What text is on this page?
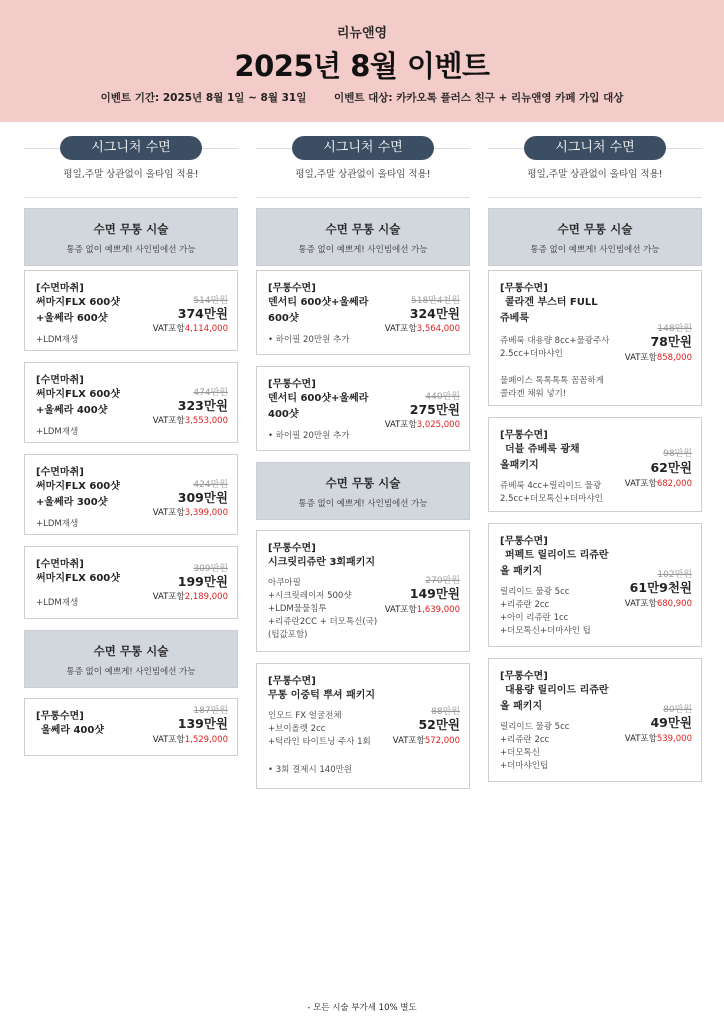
리뉴앤영
2025년 8월 이벤트
이벤트 기간: 2025년 8월 1일 ~ 8월 31일	이벤트 대상: 카카오톡 플러스 친구 + 리뉴앤영 카페 가입 대상
시그니처 수면
평일,주말 상관없이 올타임 적용!
수면 무통 시술
통증 없이 예쁘게! 사인빔에선 가능
[수면마취]
써마지FLX 600샷
+울쎄라 600샷
+LDM재생
514만원
374만원
VAT포함4,114,000
[수면마취]
써마지FLX 600샷
+울쎄라 400샷
+LDM재생
474만원
323만원
VAT포함3,553,000
[수면마취]
써마지FLX 600샷
+울쎄라 300샷
+LDM재생
424만원
309만원
VAT포함3,399,000
[수면마취]
써마지FLX 600샷
+LDM재생
309만원
199만원
VAT포함2,189,000
수면 무통 시술
통증 없이 예쁘게! 사인빔에선 가능
[무통수면]
울쎄라 400샷
187만원
139만원
VAT포함1,529,000
시그니처 수면
평일,주말 상관없이 올타임 적용!
수면 무통 시술
통증 없이 예쁘게! 사인빔에선 가능
[무통수면]
덴서티 600샷+울쎄라
600샷
• 하이필 20만원 추가
518만4천원
324만원
VAT포함3,564,000
[무통수면]
덴서티 600샷+울쎄라
400샷
• 하이필 20만원 추가
440만원
275만원
VAT포함3,025,000
수면 무통 시술
통증 없이 예쁘게! 사인빔에선 가능
[무통수면]
시크릿리쥬란 3회패키지
아쿠아필
+시크릿레이저 500샷
+LDM물물침투
+리쥬란2CC + 더모톡신(국)
(팁값포함)
270만원
149만원
VAT포함1,639,000
[무통수면]
무통 이중턱 뿌셔 패키지
인모드 FX 얼굴전체
+브이올렛 2cc
+턱라인 타이트닝 주사 1회
• 3회 결제시 140만원
88만원
52만원
VAT포함572,000
시그니처 수면
평일,주말 상관없이 올타임 적용!
수면 무통 시술
통증 없이 예쁘게! 사인빔에선 가능
[무통수면]
콜라겐 부스터 FULL
쥬베룩
쥬베룩 대용량 8cc+물광주사
2.5cc+더마샤인
물페이스 톡톡톡톡 꼼꼼하게
콜라겐 채워 넣기!
148만원
78만원
VAT포함858,000
[무통수면]
더블 쥬베룩 광채
올패키지
쥬베룩 4cc+릴리이드 물광
2.5cc+더모톡신+더마샤인
98만원
62만원
VAT포함682,000
[무통수면]
퍼펙트 릴리이드 리쥬란
올 패키지
릴리이드 물광 5cc
+리쥬란 2cc
+아이 리쥬란 1cc
+더모톡신+더마샤인 팁
102만원
61만9천원
VAT포함680,900
[무통수면]
대용량 릴리이드 리쥬란
올 패키지
릴리이드 물광 5cc
+리쥬란 2cc
+더모톡신
+더마샤인팁
80만원
49만원
VAT포함539,000
- 모든 시술 부가세 10% 별도
